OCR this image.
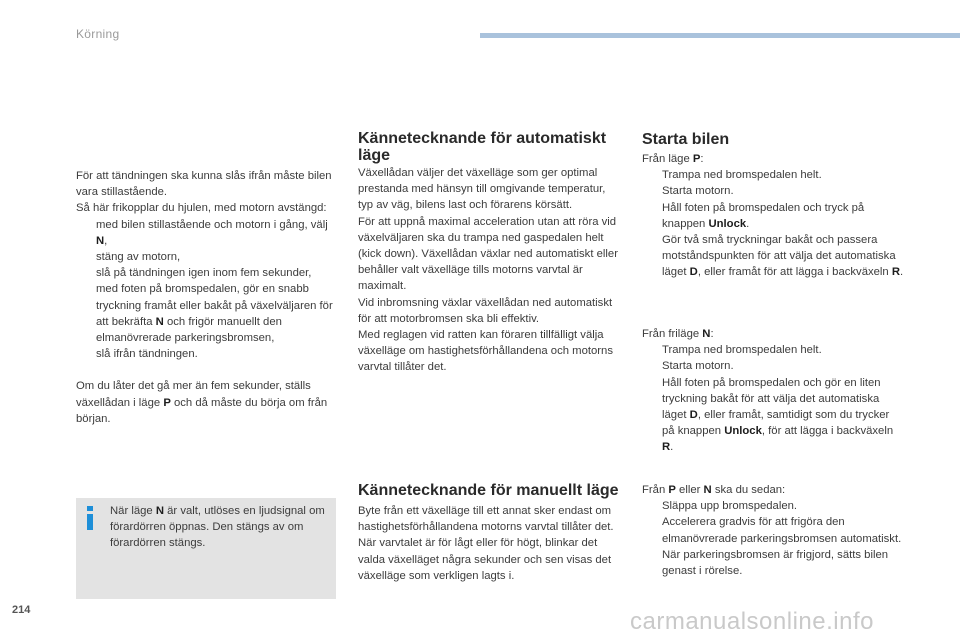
Körning

För att tändningen ska kunna slås ifrån måste bilen vara stillastående.

Så här frikopplar du hjulen, med motorn avstängd:

med bilen stillastående och motorn i gång, välj N,
stäng av motorn,
slå på tändningen igen inom fem sekunder,
med foten på bromspedalen, gör en snabb tryckning framåt eller bakåt på växelväljaren för att bekräfta N och frigör manuellt den elmanövrerade parkeringsbromsen,
slå ifrån tändningen.

Om du låter det gå mer än fem sekunder, ställs växellådan i läge P och då måste du börja om från början.

När läge N är valt, utlöses en ljudsignal om förardörren öppnas. Den stängs av om förardörren stängs.
Kännetecknande för automatiskt läge

Växellådan väljer det växelläge som ger optimal prestanda med hänsyn till omgivande temperatur, typ av väg, bilens last och förarens körsätt.

För att uppnå maximal acceleration utan att röra vid växelväljaren ska du trampa ned gaspedalen helt (kick down). Växellådan växlar ned automatiskt eller behåller valt växelläge tills motorns varvtal är maximalt.

Vid inbromsning växlar växellådan ned automatiskt för att motorbromsen ska bli effektiv.

Med reglagen vid ratten kan föraren tillfälligt välja växelläge om hastighetsförhållandena och motorns varvtal tillåter det.

Kännetecknande för manuellt läge

Byte från ett växelläge till ett annat sker endast om hastighetsförhållandena motorns varvtal tillåter det.

När varvtalet är för lågt eller för högt, blinkar det valda växelläget några sekunder och sen visas det växelläge som verkligen lagts i.

Starta bilen

Från läge P:

Trampa ned bromspedalen helt.
Starta motorn.
Håll foten på bromspedalen och tryck på knappen Unlock.
Gör två små tryckningar bakåt och passera motståndspunkten för att välja det automatiska läget D, eller framåt för att lägga i backväxeln R.

Från friläge N:

Trampa ned bromspedalen helt.
Starta motorn.
Håll foten på bromspedalen och gör en liten tryckning bakåt för att välja det automatiska läget D, eller framåt, samtidigt som du trycker på knappen Unlock, för att lägga i backväxeln R.

Från P eller N ska du sedan:

Släppa upp bromspedalen.
Accelerera gradvis för att frigöra den elmanövrerade parkeringsbromsen automatiskt.
När parkeringsbromsen är frigjord, sätts bilen genast i rörelse.
214	carmanualsonline.info
